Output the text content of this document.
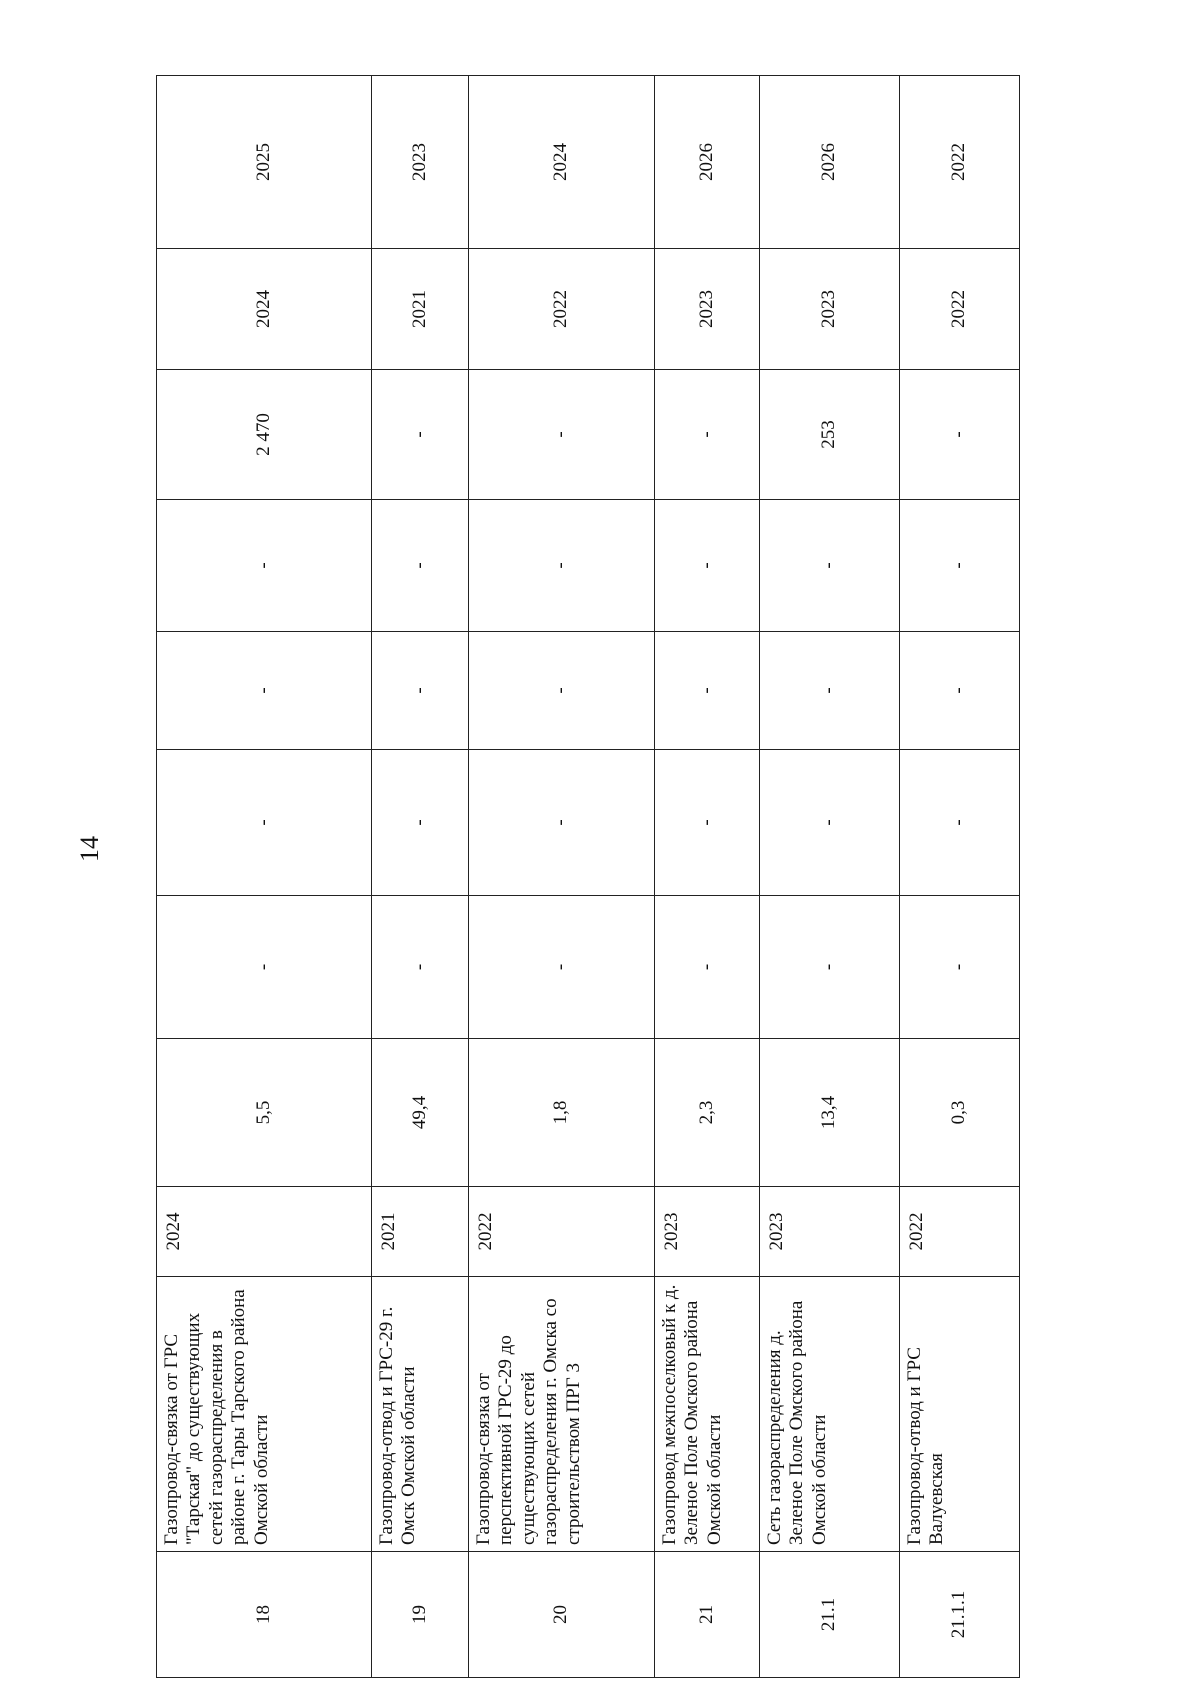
14
18	Газопровод-связка от ГРС "Тарская" до существующих сетей газораспределения в районе г. Тары Тарского района Омской области	2024	5,5	-	-	-	-	2 470	2024	2025
19	Газопровод-отвод и ГРС-29 г. Омск Омской области	2021	49,4	-	-	-	-	-	2021	2023
20	Газопровод-связка от перспективной ГРС-29 до существующих сетей газораспределения г. Омска со строительством ПРГ 3	2022	1,8	-	-	-	-	-	2022	2024
21	Газопровод межпоселковый к д. Зеленое Поле Омского района Омской области	2023	2,3	-	-	-	-	-	2023	2026
21.1	Сеть газораспределения д. Зеленое Поле Омского района Омской области	2023	13,4	-	-	-	-	253	2023	2026
21.1.1	Газопровод-отвод и ГРС Валуевская	2022	0,3	-	-	-	-	-	2022	2022
